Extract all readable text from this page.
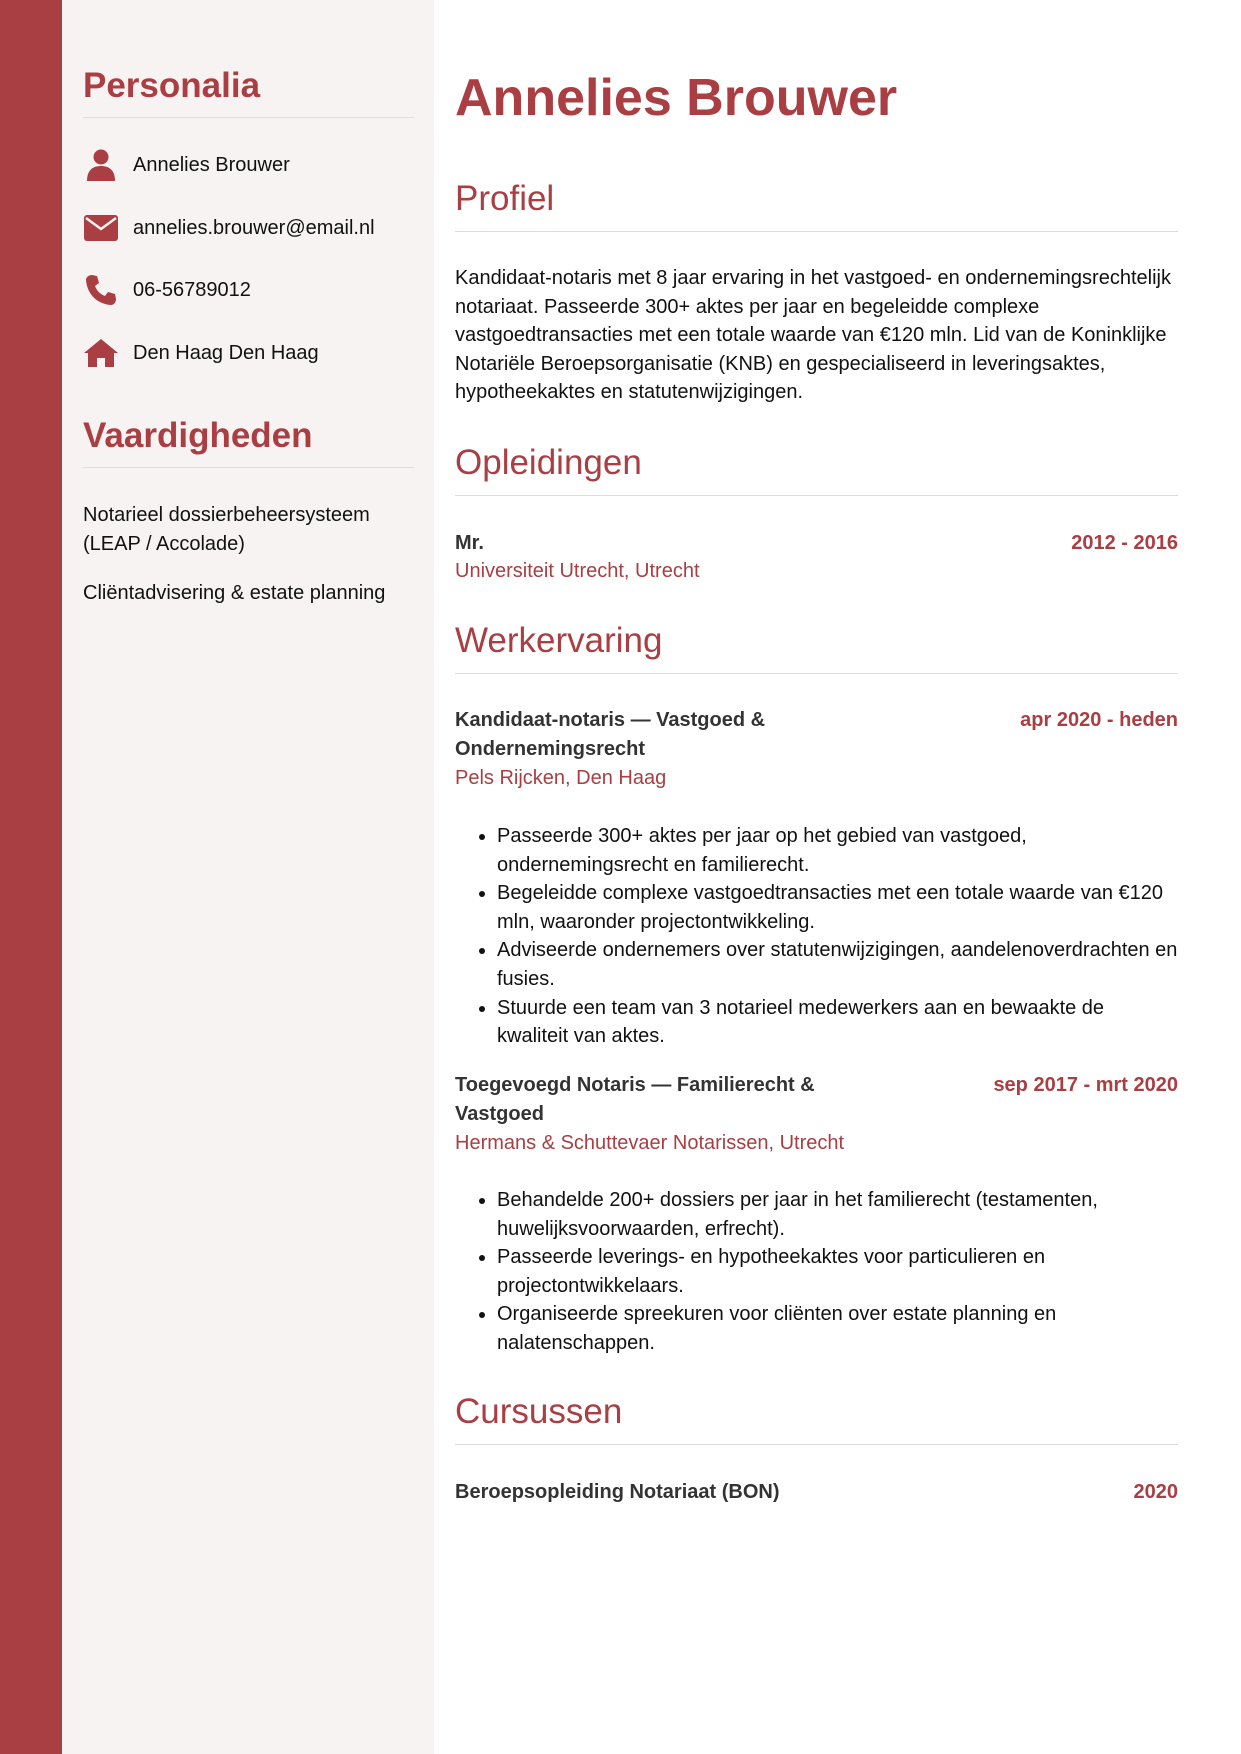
Personalia
Annelies Brouwer
annelies.brouwer@email.nl
06-56789012
Den Haag Den Haag
Vaardigheden

Notarieel dossierbeheersysteem (LEAP / Accolade)

Cliëntadvisering & estate planning

Annelies Brouwer
Profiel

Kandidaat-notaris met 8 jaar ervaring in het vastgoed- en ondernemingsrechtelijk notariaat. Passeerde 300+ aktes per jaar en begeleidde complexe vastgoedtransacties met een totale waarde van €120 mln. Lid van de Koninklijke Notariële Beroepsorganisatie (KNB) en gespecialiseerd in leveringsaktes, hypotheekaktes en statutenwijzigingen.

Opleidingen
Mr.	2012 - 2016
Universiteit Utrecht, Utrecht
Werkervaring
Kandidaat-notaris — Vastgoed & Ondernemingsrecht
apr 2020 - heden
Pels Rijcken, Den Haag
• Passeerde 300+ aktes per jaar op het gebied van vastgoed, ondernemingsrecht en familierecht.
• Begeleidde complexe vastgoedtransacties met een totale waarde van €120 mln, waaronder projectontwikkeling.
• Adviseerde ondernemers over statutenwijzigingen, aandelenoverdrachten en fusies.
• Stuurde een team van 3 notarieel medewerkers aan en bewaakte de kwaliteit van aktes.
Toegevoegd Notaris — Familierecht & Vastgoed
sep 2017 - mrt 2020
Hermans & Schuttevaer Notarissen, Utrecht
• Behandelde 200+ dossiers per jaar in het familierecht (testamenten, huwelijksvoorwaarden, erfrecht).
• Passeerde leverings- en hypotheekaktes voor particulieren en projectontwikkelaars.
• Organiseerde spreekuren voor cliënten over estate planning en nalatenschappen.
Cursussen
Beroepsopleiding Notariaat (BON)	2020
